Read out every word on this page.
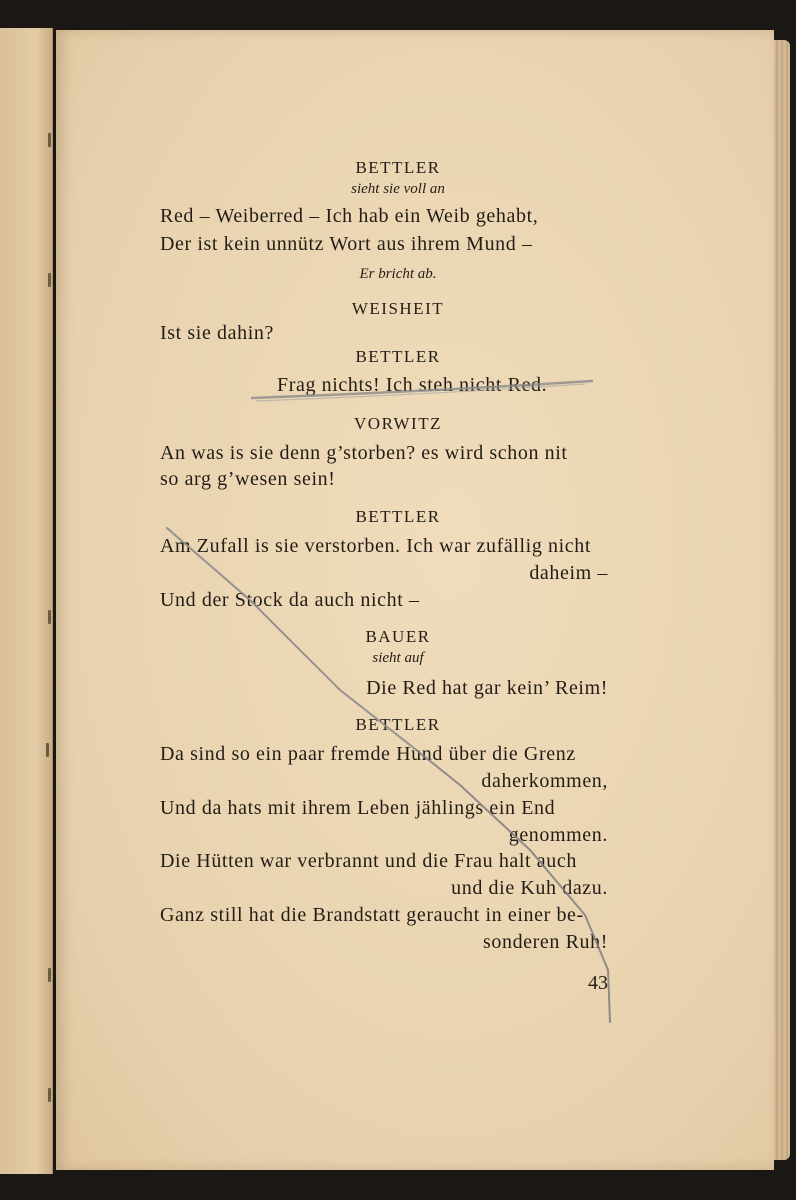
BETTLER

sieht sie voll an

Red – Weiberred – Ich hab ein Weib gehabt,

Der ist kein unnütz Wort aus ihrem Mund –

Er bricht ab.

WEISHEIT

Ist sie dahin?

BETTLER

Frag nichts! Ich steh nicht Red.

VORWITZ

An was is sie denn g’storben? es wird schon nit

so arg g’wesen sein!

BETTLER

Am Zufall is sie verstorben. Ich war zufällig nicht

daheim –

Und der Stock da auch nicht –

BAUER

sieht auf

Die Red hat gar kein’ Reim!

BETTLER

Da sind so ein paar fremde Hund über die Grenz

daherkommen,

Und da hats mit ihrem Leben jählings ein End

genommen.

Die Hütten war verbrannt und die Frau halt auch

und die Kuh dazu.

Ganz still hat die Brandstatt geraucht in einer be-

sonderen Ruh!

43
